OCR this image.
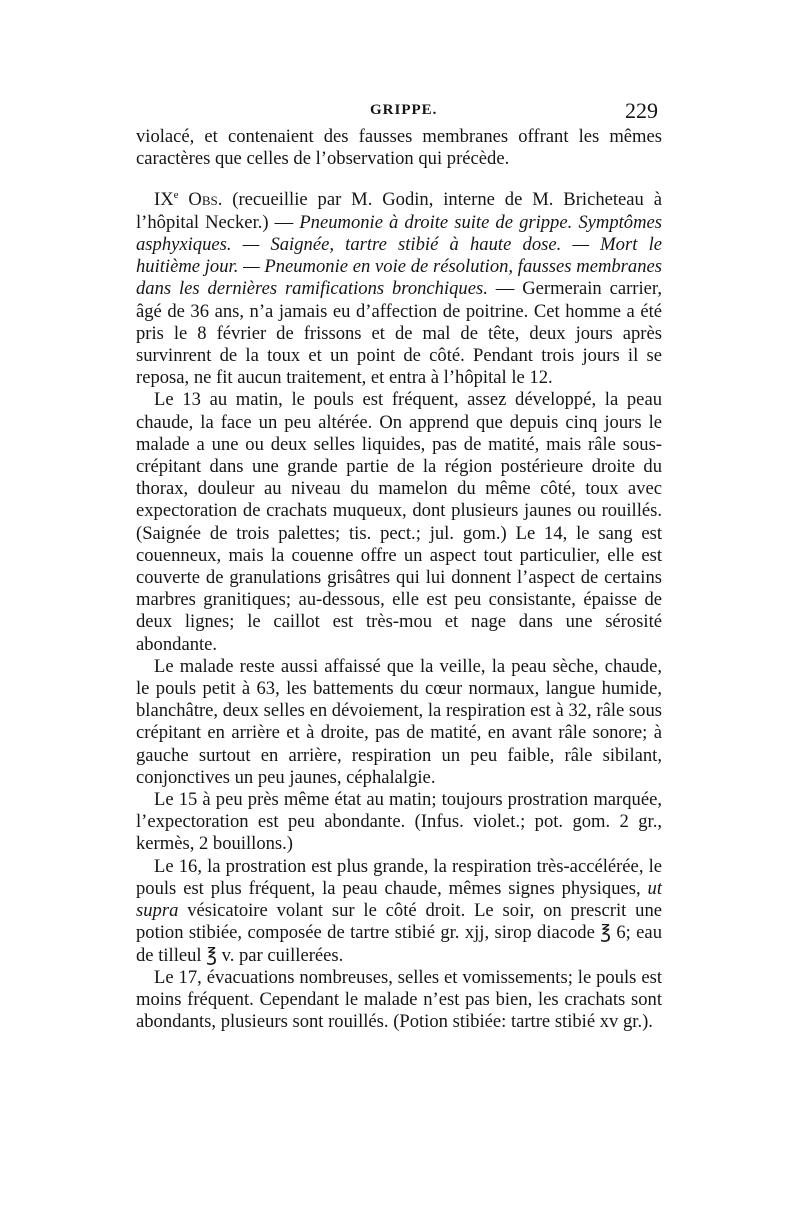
GRIPPE.	229

violacé, et contenaient des fausses membranes offrant les mêmes caractères que celles de l’observation qui précède.

IXe Obs. (recueillie par M. Godin, interne de M. Bricheteau à l’hôpital Necker.) — Pneumonie à droite suite de grippe. Symptômes asphyxiques. — Saignée, tartre stibié à haute dose. — Mort le huitième jour. — Pneumonie en voie de résolution, fausses membranes dans les dernières ramifications bronchiques. — Germerain carrier, âgé de 36 ans, n’a jamais eu d’affection de poitrine. Cet homme a été pris le 8 février de frissons et de mal de tête, deux jours après survinrent de la toux et un point de côté. Pendant trois jours il se reposa, ne fit aucun traitement, et entra à l’hôpital le 12.

Le 13 au matin, le pouls est fréquent, assez développé, la peau chaude, la face un peu altérée. On apprend que depuis cinq jours le malade a une ou deux selles liquides, pas de matité, mais râle sous-crépitant dans une grande partie de la région postérieure droite du thorax, douleur au niveau du mamelon du même côté, toux avec expectoration de crachats muqueux, dont plusieurs jaunes ou rouillés. (Saignée de trois palettes; tis. pect.; jul. gom.) Le 14, le sang est couenneux, mais la couenne offre un aspect tout particulier, elle est couverte de granulations grisâtres qui lui donnent l’aspect de certains marbres granitiques; au-dessous, elle est peu consistante, épaisse de deux lignes; le caillot est très-mou et nage dans une sérosité abondante.

Le malade reste aussi affaissé que la veille, la peau sèche, chaude, le pouls petit à 63, les battements du cœur normaux, langue humide, blanchâtre, deux selles en dévoiement, la respiration est à 32, râle sous crépitant en arrière et à droite, pas de matité, en avant râle sonore; à gauche surtout en arrière, respiration un peu faible, râle sibilant, conjonctives un peu jaunes, céphalalgie.

Le 15 à peu près même état au matin; toujours prostration marquée, l’expectoration est peu abondante. (Infus. violet.; pot. gom. 2 gr., kermès, 2 bouillons.)

Le 16, la prostration est plus grande, la respiration très-accélérée, le pouls est plus fréquent, la peau chaude, mêmes signes physiques, ut supra vésicatoire volant sur le côté droit. Le soir, on prescrit une potion stibiée, composée de tartre stibié gr. xjj, sirop diacode ℥ 6; eau de tilleul ℥ v. par cuillerées.

Le 17, évacuations nombreuses, selles et vomissements; le pouls est moins fréquent. Cependant le malade n’est pas bien, les crachats sont abondants, plusieurs sont rouillés. (Potion stibiée: tartre stibié xv gr.).
